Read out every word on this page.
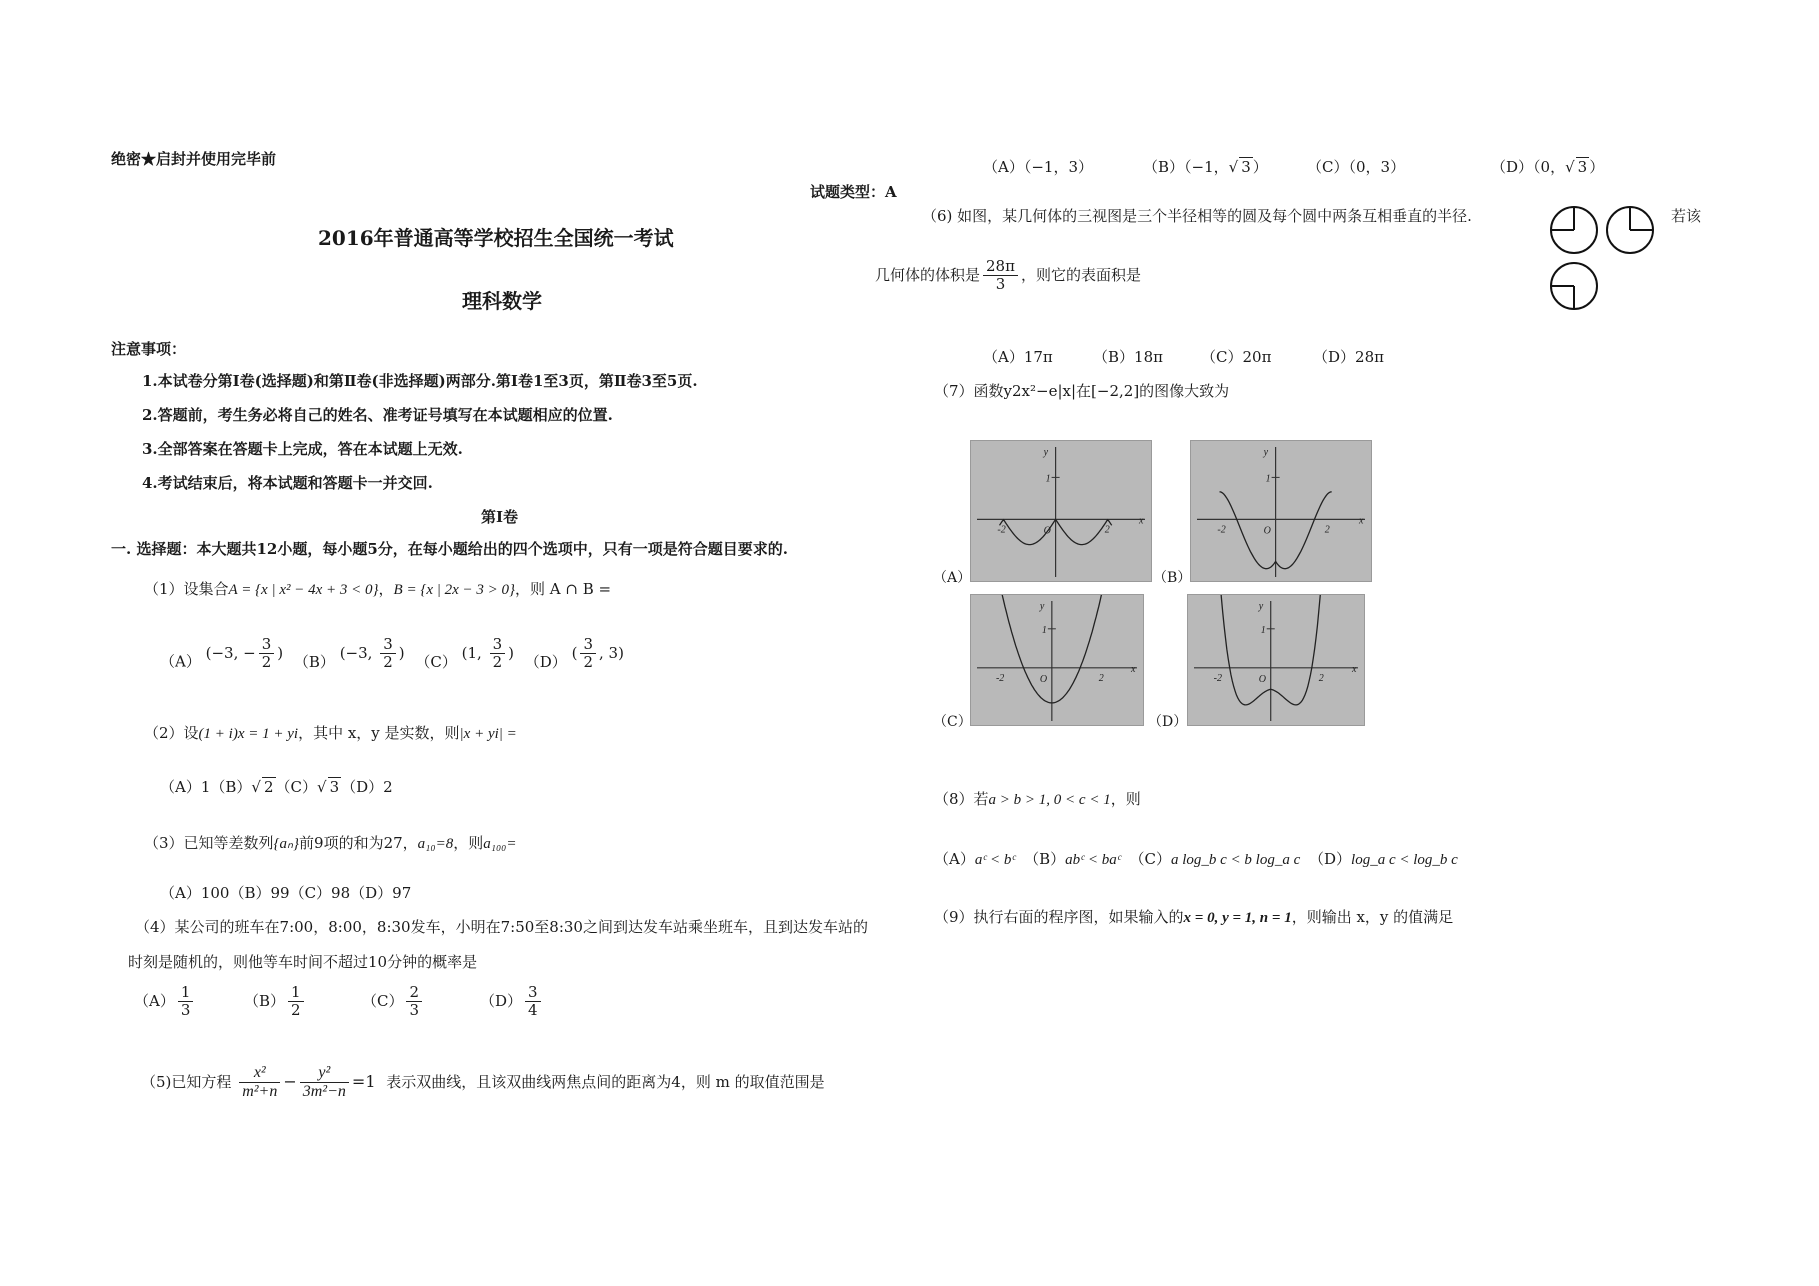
绝密★启封并使用完毕前
试题类型：A
2016年普通高等学校招生全国统一考试
理科数学
注意事项：
1.本试卷分第Ⅰ卷(选择题)和第Ⅱ卷(非选择题)两部分.第Ⅰ卷1至3页，第Ⅱ卷3至5页.
2.答题前，考生务必将自己的姓名、准考证号填写在本试题相应的位置.
3.全部答案在答题卡上完成，答在本试题上无效.
4.考试结束后，将本试题和答题卡一并交回.
第Ⅰ卷
一. 选择题：本大题共12小题，每小题5分，在每小题给出的四个选项中，只有一项是符合题目要求的.
（1）设集合A = {x | x² − 4x + 3 < 0}，B = {x | 2x − 3 > 0}，则 A ∩ B =
（A） (−3, − $\frac{3}{2}$ ) （B） (−3, $\frac{3}{2}$ ) （C） (1, $\frac{3}{2}$ ) （D） ( $\frac{3}{2}$ , 3)
（2）设(1 + i)x = 1 + yi，其中 x，y 是实数，则|x + yi| =
（A）1（B）√ 2 （C）√ 3 （D）2
（3）已知等差数列{aₙ}前9项的和为27，a₁₀=8，则a₁₀₀=
（A）100（B）99（C）98（D）97
（4）某公司的班车在7:00，8:00，8:30发车，小明在7:50至8:30之间到达发车站乘坐班车，且到达发车站的
时刻是随机的，则他等车时间不超过10分钟的概率是
$(A) \frac{1}{3}$	$(B) \frac{1}{2}$	$(C) \frac{2}{3}$	$(D) \frac{3}{4}$
（5)已知方程 $\frac{\text{x²}}{\text{m²+n}} - \frac{\text{y²}}{\text{3m²−n}} =1$ 表示双曲线，且该双曲线两焦点间的距离为4，则 m 的取值范围是
（A）（−1，3）	（B）（−1，√ 3 ）	（C）（0，3）	（D）（0，√ 3 ）
（6) 如图，某几何体的三视图是三个半径相等的圆及每个圆中两条互相垂直的半径.	若该
几何体的体积是 $\frac{28\pi}{3}$ ，则它的表面积是
（A）17π	（B）18π	（C）20π	（D）28π
（7）函数y2x²−e|x|在[−2,2]的图像大致为
y
x
1
O
-2	2
y
x
1
O
-2	2
y
x
1
O
-2	2
y
x
1
O
-2	2
（A）	（B）
（C）	（D）
（8）若a > b > 1, 0 < c < 1，则
（A）aᶜ < bᶜ （B）abᶜ < baᶜ （C）a log_b c < b log_a c （D）log_a c < log_b c
（9）执行右面的程序图，如果输入的x = 0, y = 1, n = 1，则输出 x，y 的值满足
